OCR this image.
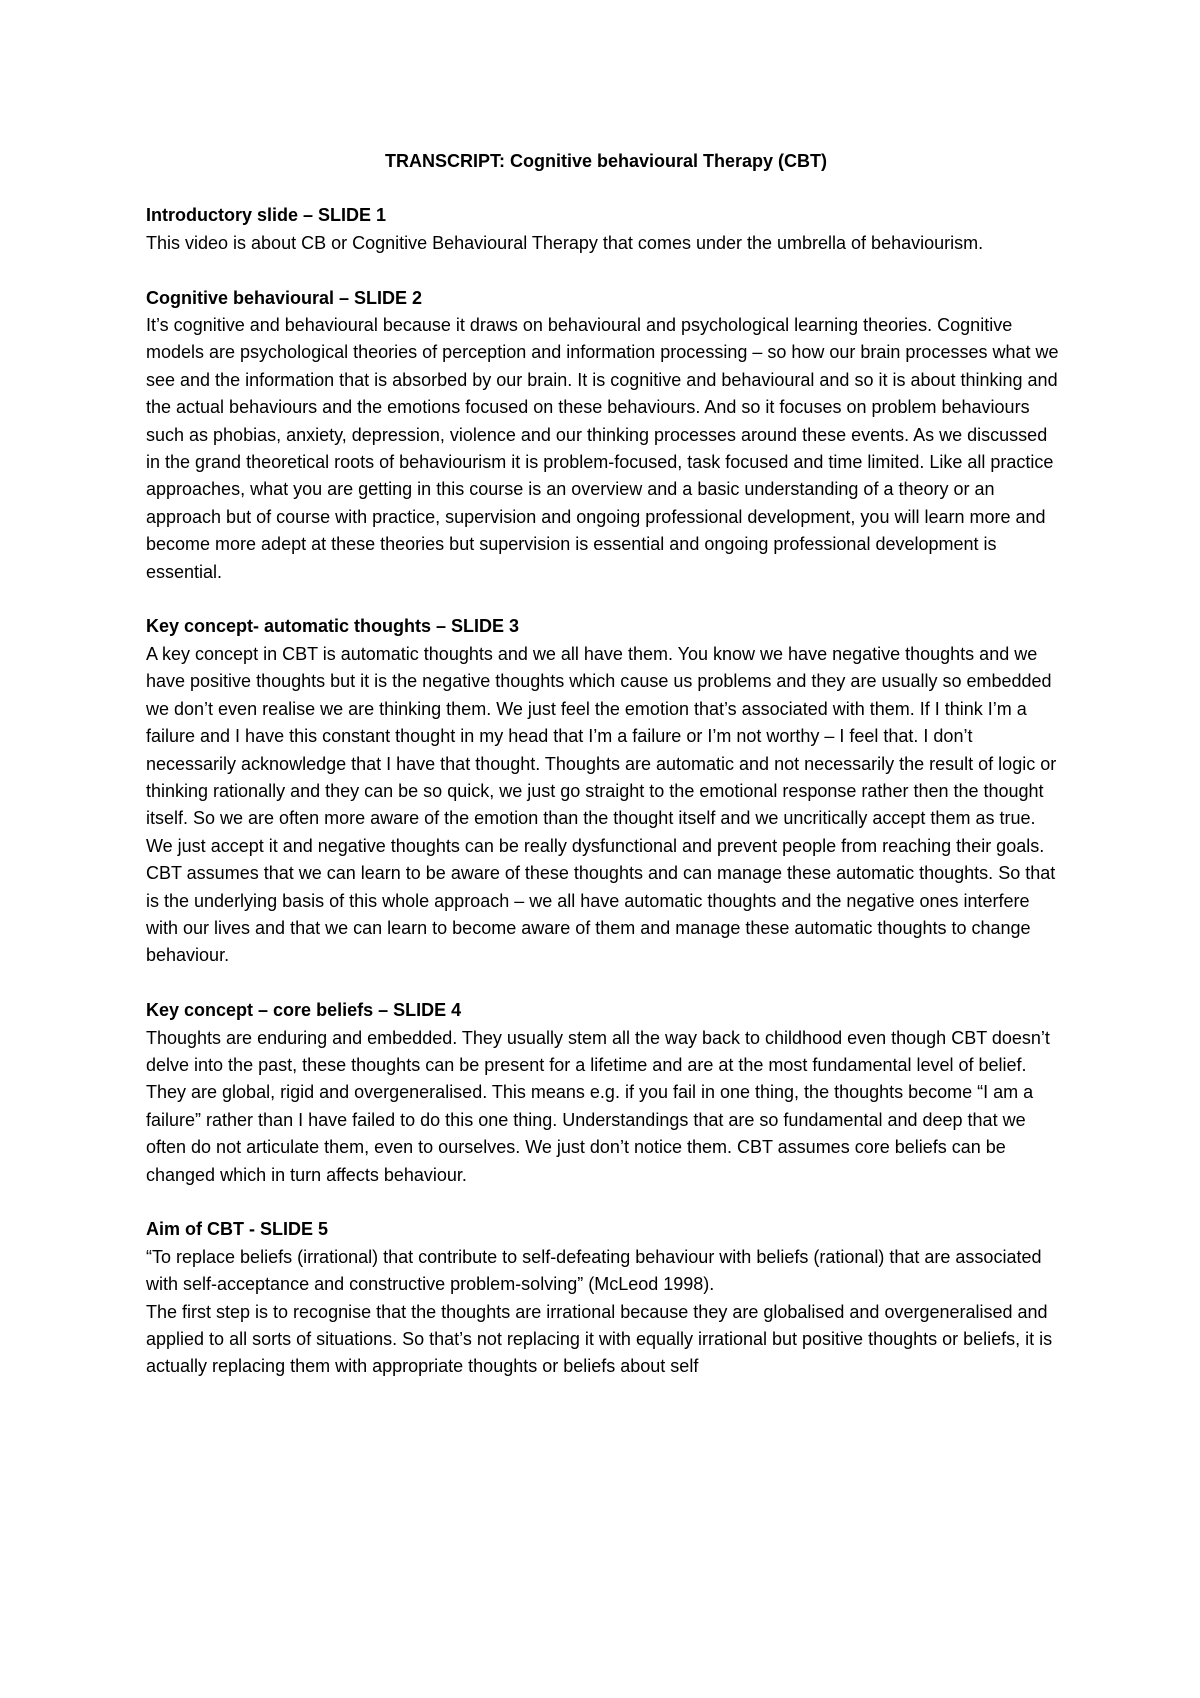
TRANSCRIPT: Cognitive behavioural Therapy (CBT)

Introductory slide – SLIDE 1

This video is about CB or Cognitive Behavioural Therapy that comes under the umbrella of behaviourism.

Cognitive behavioural – SLIDE 2

It’s cognitive and behavioural because it draws on behavioural and psychological learning theories. Cognitive models are psychological theories of perception and information processing – so how our brain processes what we see and the information that is absorbed by our brain. It is cognitive and behavioural and so it is about thinking and the actual behaviours and the emotions focused on these behaviours. And so it focuses on problem behaviours such as phobias, anxiety, depression, violence and our thinking processes around these events. As we discussed in the grand theoretical roots of behaviourism it is problem-focused, task focused and time limited. Like all practice approaches, what you are getting in this course is an overview and a basic understanding of a theory or an approach but of course with practice, supervision and ongoing professional development, you will learn more and become more adept at these theories but supervision is essential and ongoing professional development is essential.

Key concept- automatic thoughts – SLIDE 3

A key concept in CBT is automatic thoughts and we all have them. You know we have negative thoughts and we have positive thoughts but it is the negative thoughts which cause us problems and they are usually so embedded we don’t even realise we are thinking them. We just feel the emotion that’s associated with them. If I think I’m a failure and I have this constant thought in my head that I’m a failure or I’m not worthy – I feel that. I don’t necessarily acknowledge that I have that thought. Thoughts are automatic and not necessarily the result of logic or thinking rationally and they can be so quick, we just go straight to the emotional response rather then the thought itself. So we are often more aware of the emotion than the thought itself and we uncritically accept them as true. We just accept it and negative thoughts can be really dysfunctional and prevent people from reaching their goals. CBT assumes that we can learn to be aware of these thoughts and can manage these automatic thoughts. So that is the underlying basis of this whole approach – we all have automatic thoughts and the negative ones interfere with our lives and that we can learn to become aware of them and manage these automatic thoughts to change behaviour.

Key concept – core beliefs – SLIDE 4

Thoughts are enduring and embedded. They usually stem all the way back to childhood even though CBT doesn’t delve into the past, these thoughts can be present for a lifetime and are at the most fundamental level of belief. They are global, rigid and overgeneralised. This means e.g. if you fail in one thing, the thoughts become “I am a failure” rather than I have failed to do this one thing. Understandings that are so fundamental and deep that we often do not articulate them, even to ourselves. We just don’t notice them. CBT assumes core beliefs can be changed which in turn affects behaviour.

Aim of CBT - SLIDE 5

“To replace beliefs (irrational) that contribute to self-defeating behaviour with beliefs (rational) that are associated with self-acceptance and constructive problem-solving” (McLeod 1998).

The first step is to recognise that the thoughts are irrational because they are globalised and overgeneralised and applied to all sorts of situations. So that’s not replacing it with equally irrational but positive thoughts or beliefs, it is actually replacing them with appropriate thoughts or beliefs about self
